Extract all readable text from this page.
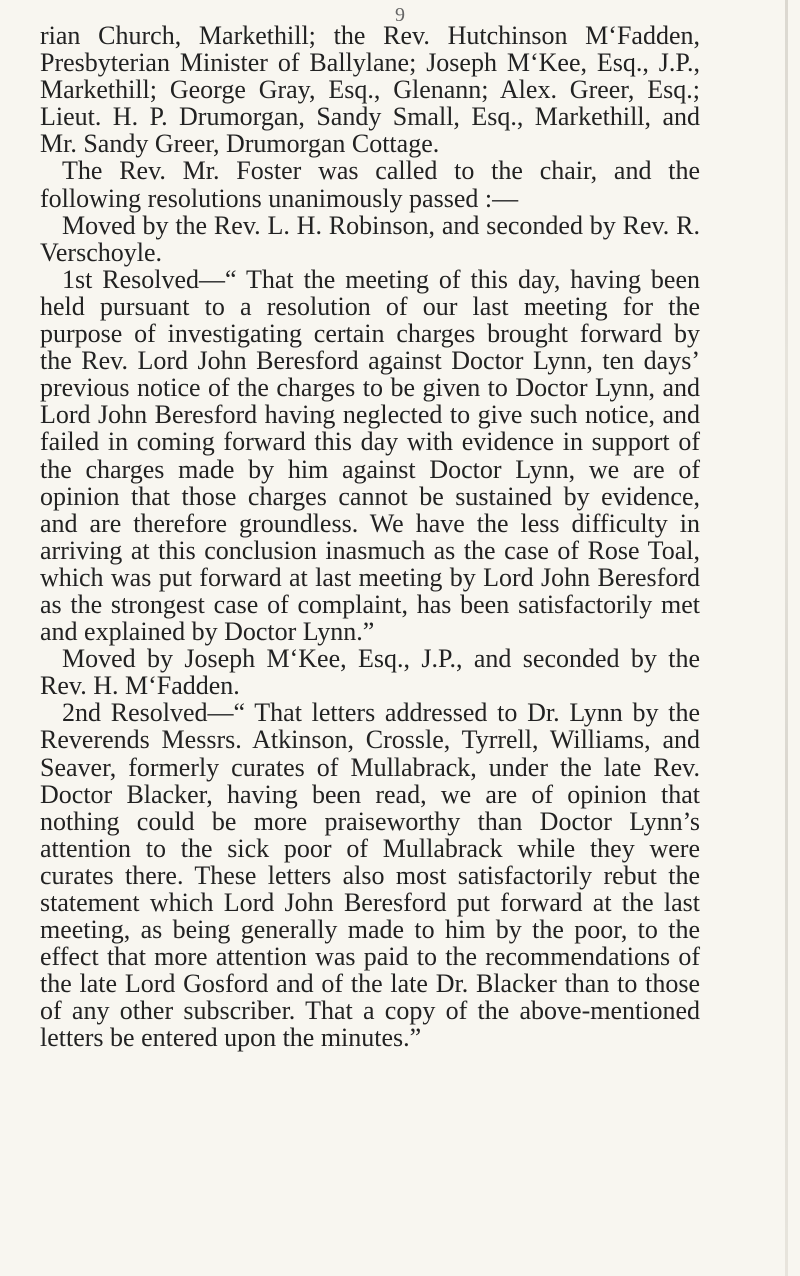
9

rian Church, Markethill; the Rev. Hutchinson M‘Fadden, Presbyterian Minister of Ballylane; Joseph M‘Kee, Esq., J.P., Markethill; George Gray, Esq., Glenann; Alex. Greer, Esq.; Lieut. H. P. Drumorgan, Sandy Small, Esq., Markethill, and Mr. Sandy Greer, Drumorgan Cottage.

The Rev. Mr. Foster was called to the chair, and the following resolutions unanimously passed :—

Moved by the Rev. L. H. Robinson, and seconded by Rev. R. Verschoyle.

1st Resolved—“ That the meeting of this day, having been held pursuant to a resolution of our last meeting for the purpose of investigating certain charges brought forward by the Rev. Lord John Beresford against Doctor Lynn, ten days’ previous notice of the charges to be given to Doctor Lynn, and Lord John Beresford having neglected to give such notice, and failed in coming forward this day with evidence in support of the charges made by him against Doctor Lynn, we are of opinion that those charges cannot be sustained by evidence, and are therefore groundless. We have the less difficulty in arriving at this conclusion inasmuch as the case of Rose Toal, which was put forward at last meeting by Lord John Beresford as the strongest case of complaint, has been satisfactorily met and explained by Doctor Lynn.”

Moved by Joseph M‘Kee, Esq., J.P., and seconded by the Rev. H. M‘Fadden.

2nd Resolved—“ That letters addressed to Dr. Lynn by the Reverends Messrs. Atkinson, Crossle, Tyrrell, Williams, and Seaver, formerly curates of Mullabrack, under the late Rev. Doctor Blacker, having been read, we are of opinion that nothing could be more praiseworthy than Doctor Lynn’s attention to the sick poor of Mullabrack while they were curates there. These letters also most satisfactorily rebut the statement which Lord John Beresford put forward at the last meeting, as being generally made to him by the poor, to the effect that more attention was paid to the recommendations of the late Lord Gosford and of the late Dr. Blacker than to those of any other subscriber. That a copy of the above-mentioned letters be entered upon the minutes.”
